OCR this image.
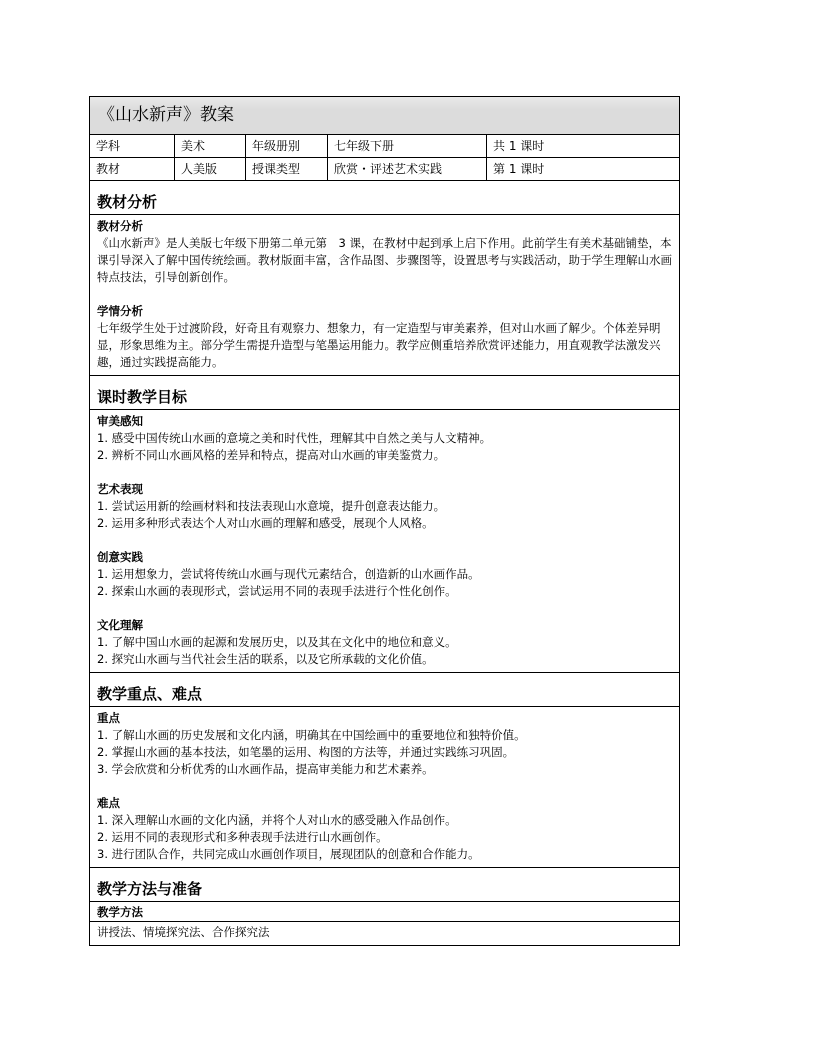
《山水新声》教案
学科	美术	年级册别	七年级下册	共 1 课时
教材	人美版	授课类型	欣赏・评述艺术实践	第 1 课时
教材分析
教材分析

《山水新声》是人美版七年级下册第二单元第　3 课，在教材中起到承上启下作用。此前学生有美术基础铺垫，本课引导深入了解中国传统绘画。教材版面丰富，含作品图、步骤图等，设置思考与实践活动，助于学生理解山水画特点技法，引导创新创作。

学情分析

七年级学生处于过渡阶段，好奇且有观察力、想象力，有一定造型与审美素养，但对山水画了解少。个体差异明显，形象思维为主。部分学生需提升造型与笔墨运用能力。教学应侧重培养欣赏评述能力，用直观教学法激发兴趣，通过实践提高能力。

课时教学目标
审美感知

1. 感受中国传统山水画的意境之美和时代性，理解其中自然之美与人文精神。

2. 辨析不同山水画风格的差异和特点，提高对山水画的审美鉴赏力。

艺术表现

1. 尝试运用新的绘画材料和技法表现山水意境，提升创意表达能力。

2. 运用多种形式表达个人对山水画的理解和感受，展现个人风格。

创意实践

1. 运用想象力，尝试将传统山水画与现代元素结合，创造新的山水画作品。

2. 探索山水画的表现形式，尝试运用不同的表现手法进行个性化创作。

文化理解

1. 了解中国山水画的起源和发展历史，以及其在文化中的地位和意义。

2. 探究山水画与当代社会生活的联系，以及它所承载的文化价值。

教学重点、难点
重点

1. 了解山水画的历史发展和文化内涵，明确其在中国绘画中的重要地位和独特价值。

2. 掌握山水画的基本技法，如笔墨的运用、构图的方法等，并通过实践练习巩固。

3. 学会欣赏和分析优秀的山水画作品，提高审美能力和艺术素养。

难点

1. 深入理解山水画的文化内涵，并将个人对山水的感受融入作品创作。

2. 运用不同的表现形式和多种表现手法进行山水画创作。

3. 进行团队合作，共同完成山水画创作项目，展现团队的创意和合作能力。

教学方法与准备
教学方法

讲授法、情境探究法、合作探究法
